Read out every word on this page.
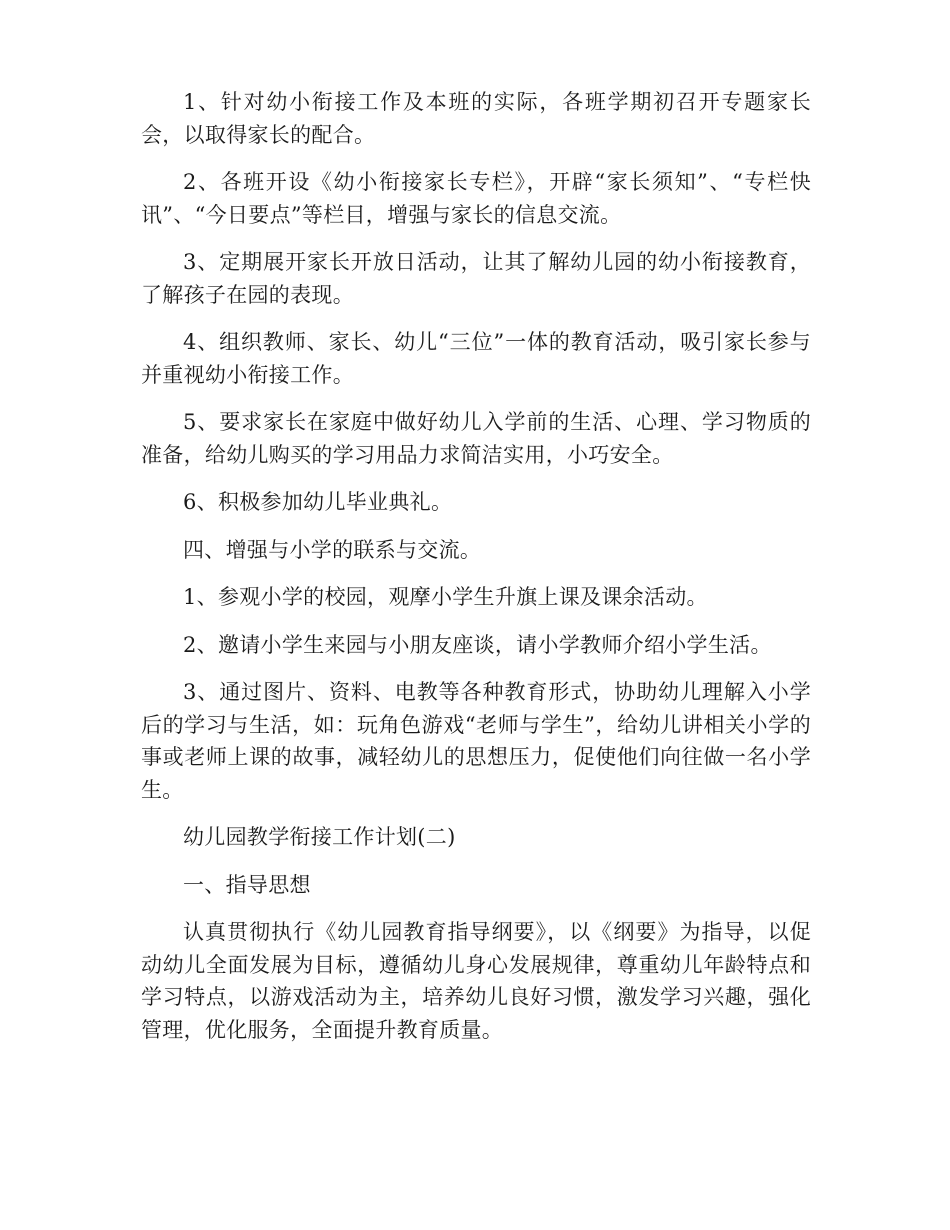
1、针对幼小衔接工作及本班的实际，各班学期初召开专题家长会，以取得家长的配合。

2、各班开设《幼小衔接家长专栏》，开辟“家长须知”、“专栏快讯”、“今日要点”等栏目，增强与家长的信息交流。

3、定期展开家长开放日活动，让其了解幼儿园的幼小衔接教育，了解孩子在园的表现。

4、组织教师、家长、幼儿“三位”一体的教育活动，吸引家长参与并重视幼小衔接工作。

5、要求家长在家庭中做好幼儿入学前的生活、心理、学习物质的准备，给幼儿购买的学习用品力求简洁实用，小巧安全。

6、积极参加幼儿毕业典礼。

四、增强与小学的联系与交流。

1、参观小学的校园，观摩小学生升旗上课及课余活动。

2、邀请小学生来园与小朋友座谈，请小学教师介绍小学生活。

3、通过图片、资料、电教等各种教育形式，协助幼儿理解入小学后的学习与生活，如：玩角色游戏“老师与学生”，给幼儿讲相关小学的事或老师上课的故事，减轻幼儿的思想压力，促使他们向往做一名小学生。

幼儿园教学衔接工作计划(二)

一、指导思想

认真贯彻执行《幼儿园教育指导纲要》，以《纲要》为指导，以促动幼儿全面发展为目标，遵循幼儿身心发展规律，尊重幼儿年龄特点和学习特点，以游戏活动为主，培养幼儿良好习惯，激发学习兴趣，强化管理，优化服务，全面提升教育质量。
